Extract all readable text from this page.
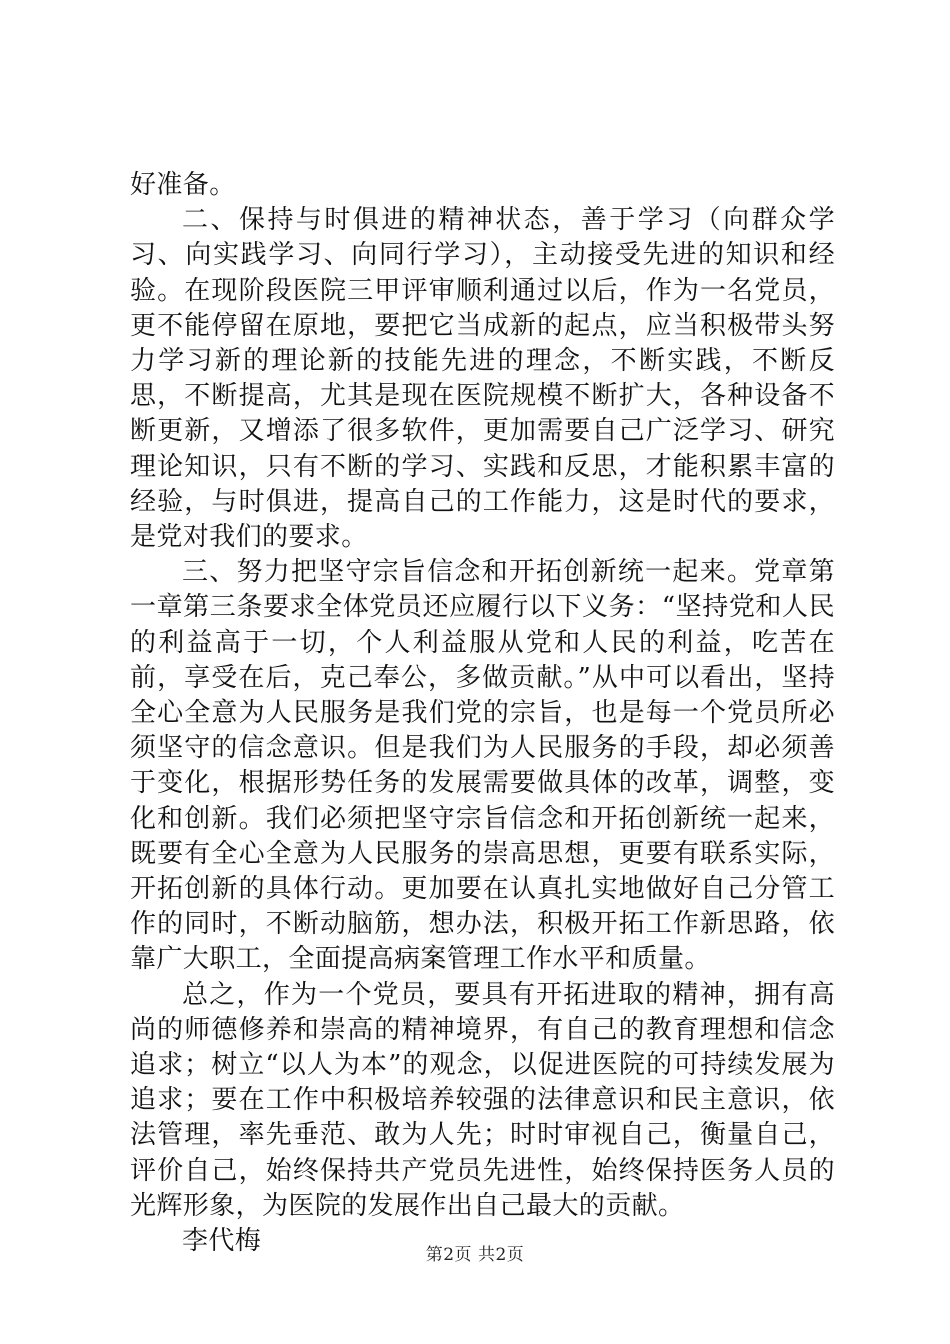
好准备。

二、保持与时俱进的精神状态，善于学习（向群众学习、向实践学习、向同行学习），主动接受先进的知识和经验。在现阶段医院三甲评审顺利通过以后，作为一名党员，更不能停留在原地，要把它当成新的起点，应当积极带头努力学习新的理论新的技能先进的理念，不断实践，不断反思，不断提高，尤其是现在医院规模不断扩大，各种设备不断更新，又增添了很多软件，更加需要自己广泛学习、研究理论知识，只有不断的学习、实践和反思，才能积累丰富的经验，与时俱进，提高自己的工作能力，这是时代的要求，是党对我们的要求。

三、努力把坚守宗旨信念和开拓创新统一起来。党章第一章第三条要求全体党员还应履行以下义务：“坚持党和人民的利益高于一切，个人利益服从党和人民的利益，吃苦在前，享受在后，克己奉公，多做贡献。”从中可以看出，坚持全心全意为人民服务是我们党的宗旨，也是每一个党员所必须坚守的信念意识。但是我们为人民服务的手段，却必须善于变化，根据形势任务的发展需要做具体的改革，调整，变化和创新。我们必须把坚守宗旨信念和开拓创新统一起来，既要有全心全意为人民服务的崇高思想，更要有联系实际，开拓创新的具体行动。更加要在认真扎实地做好自己分管工作的同时，不断动脑筋，想办法，积极开拓工作新思路，依靠广大职工，全面提高病案管理工作水平和质量。

总之，作为一个党员，要具有开拓进取的精神，拥有高尚的师德修养和崇高的精神境界，有自己的教育理想和信念追求；树立“以人为本”的观念，以促进医院的可持续发展为追求；要在工作中积极培养较强的法律意识和民主意识，依法管理，率先垂范、敢为人先；时时审视自己，衡量自己，评价自己，始终保持共产党员先进性，始终保持医务人员的光辉形象，为医院的发展作出自己最大的贡献。

李代梅	第2页 共2页
